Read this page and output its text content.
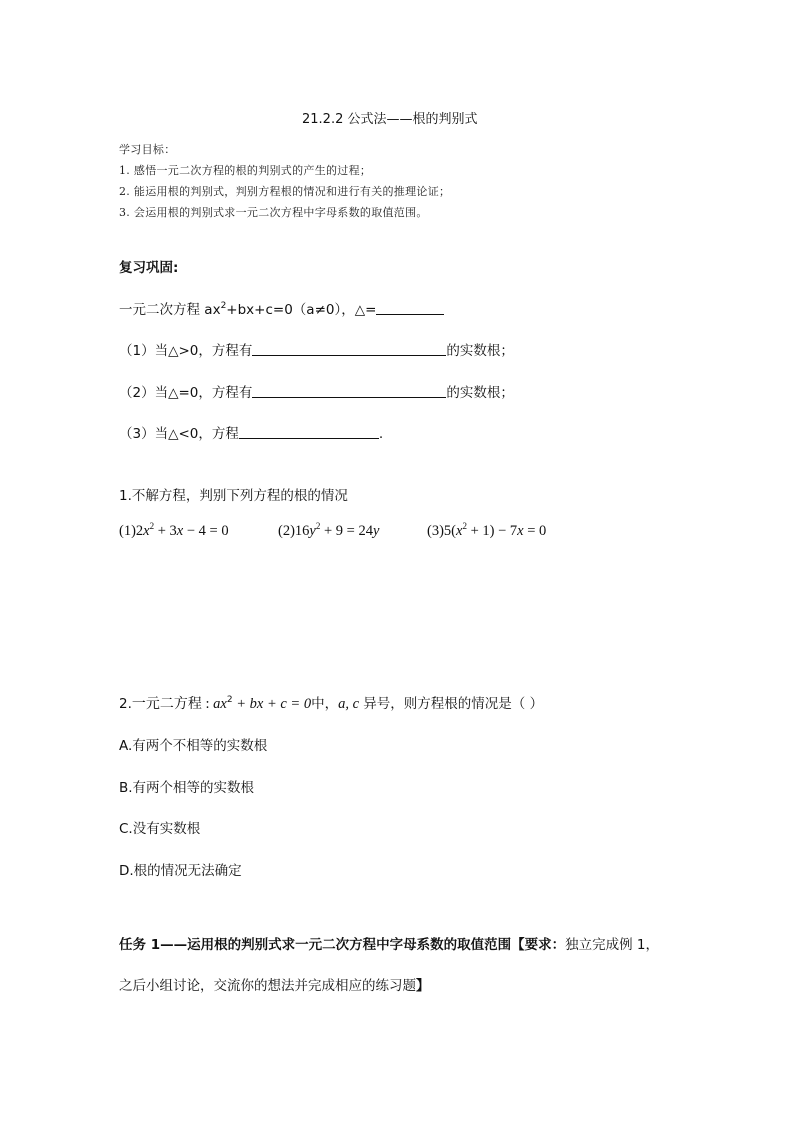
21.2.2 公式法——根的判别式
学习目标：
1. 感悟一元二次方程的根的判别式的产生的过程；
2. 能运用根的判别式，判别方程根的情况和进行有关的推理论证；
3. 会运用根的判别式求一元二次方程中字母系数的取值范围。
复习巩固:
一元二次方程 $ax^2+bx+c=0(a\ne 0)$，△=
（1）当△>0，方程有	的实数根；
（2）当△=0，方程有	的实数根；
（3）当△<0，方程	.
1.不解方程，判别下列方程的根的情况
$(1)2x^2 + 3x - 4 = 0$	$(2)16y^2 + 9 = 24y$	$(3)5(x^2 + 1) - 7x = 0$
2.一元二方程 : $ax^2$ + bx + c = 0中，a, c 异号，则方程根的情况是（ ）
A.有两个不相等的实数根
B.有两个相等的实数根
C.没有实数根
D.根的情况无法确定
任务 1——运用根的判别式求一元二次方程中字母系数的取值范围【要求：独立完成例 1，
之后小组讨论，交流你的想法并完成相应的练习题】
